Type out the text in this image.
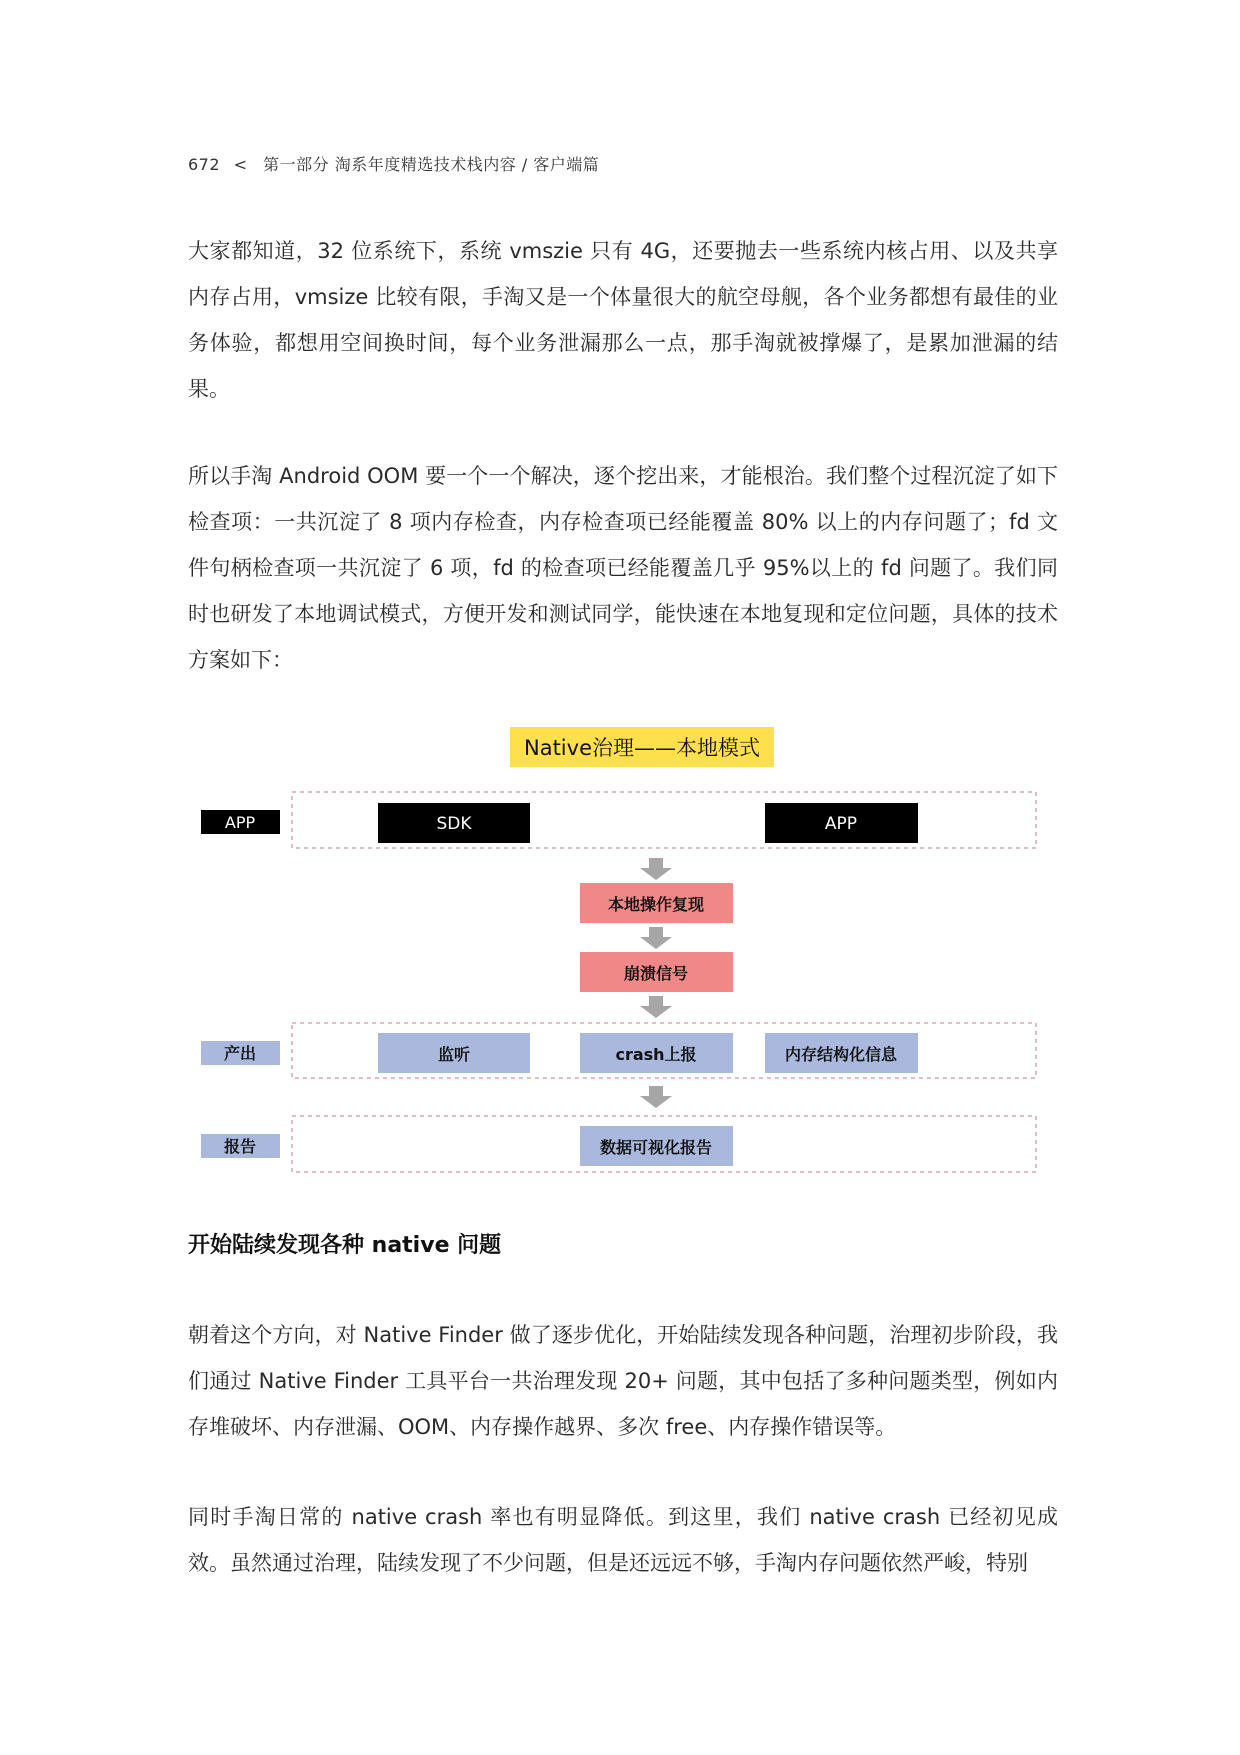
672 < 第一部分 淘系年度精选技术栈内容 / 客户端篇

大家都知道，32 位系统下，系统 vmszie 只有 4G，还要抛去一些系统内核占用、以及共享内存占用，vmsize 比较有限，手淘又是一个体量很大的航空母舰，各个业务都想有最佳的业务体验，都想用空间换时间，每个业务泄漏那么一点，那手淘就被撑爆了，是累加泄漏的结果。

所以手淘 Android OOM 要一个一个解决，逐个挖出来，才能根治。我们整个过程沉淀了如下检查项：一共沉淀了 8 项内存检查，内存检查项已经能覆盖 80% 以上的内存问题了；fd 文件句柄检查项一共沉淀了 6 项，fd 的检查项已经能覆盖几乎 95%以上的 fd 问题了。我们同时也研发了本地调试模式，方便开发和测试同学，能快速在本地复现和定位问题，具体的技术方案如下：

Native治理——本地模式
APP
产出
报告
SDK	APP
本地操作复现
崩溃信号
监听	crash上报	内存结构化信息
数据可视化报告
开始陆续发现各种 native 问题

朝着这个方向，对 Native Finder 做了逐步优化，开始陆续发现各种问题，治理初步阶段，我们通过 Native Finder 工具平台一共治理发现 20+ 问题，其中包括了多种问题类型，例如内存堆破坏、内存泄漏、OOM、内存操作越界、多次 free、内存操作错误等。

同时手淘日常的 native crash 率也有明显降低。到这里，我们 native crash 已经初见成效。虽然通过治理，陆续发现了不少问题，但是还远远不够，手淘内存问题依然严峻，特别
